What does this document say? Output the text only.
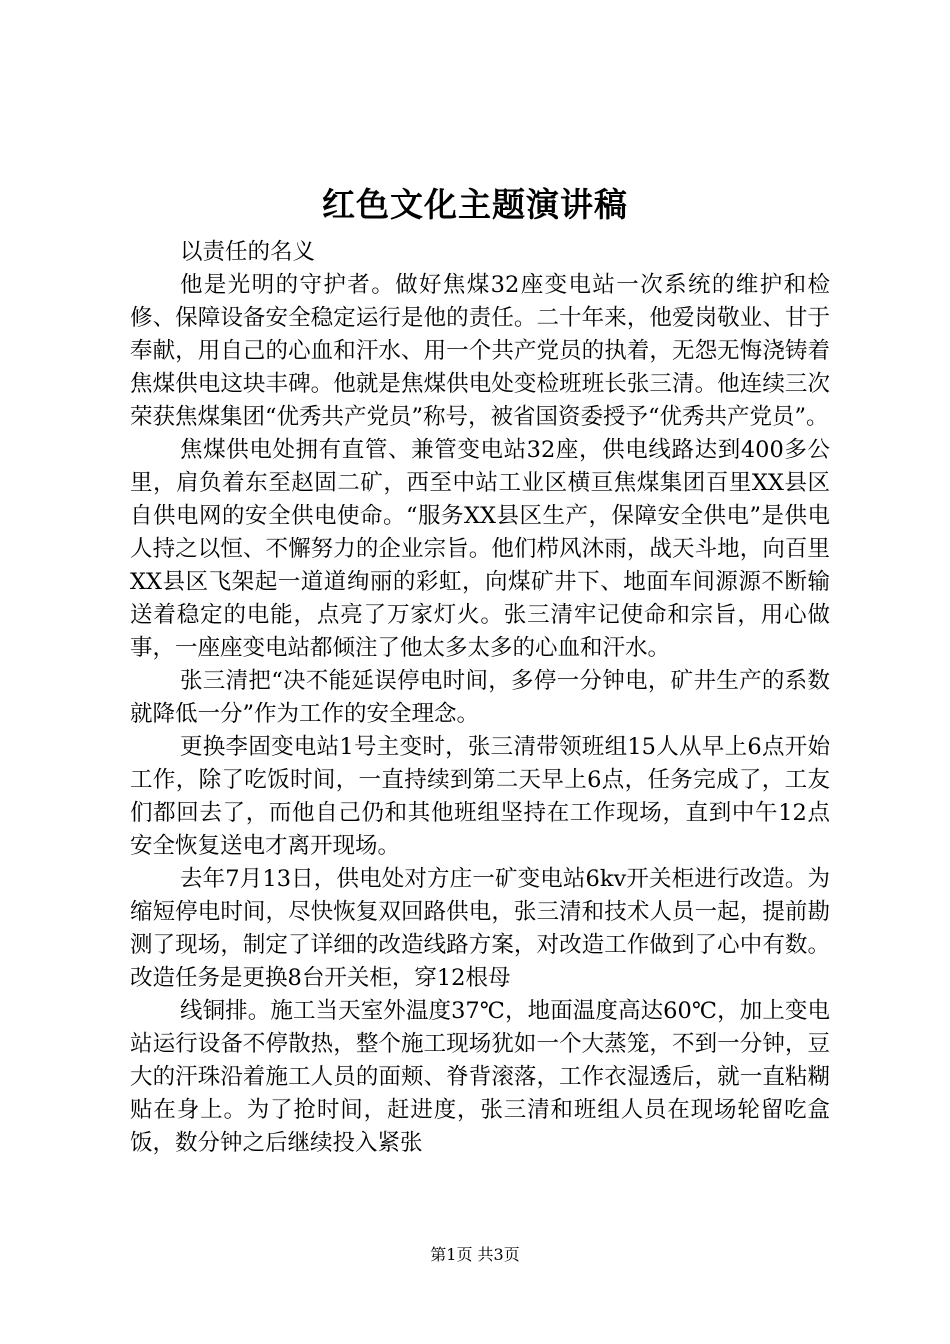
红色文化主题演讲稿

以责任的名义

他是光明的守护者。做好焦煤32座变电站一次系统的维护和检修、保障设备安全稳定运行是他的责任。二十年来，他爱岗敬业、甘于奉献，用自己的心血和汗水、用一个共产党员的执着，无怨无悔浇铸着焦煤供电这块丰碑。他就是焦煤供电处变检班班长张三清。他连续三次荣获焦煤集团“优秀共产党员”称号，被省国资委授予“优秀共产党员”。

焦煤供电处拥有直管、兼管变电站32座，供电线路达到400多公里，肩负着东至赵固二矿，西至中站工业区横亘焦煤集团百里XX县区自供电网的安全供电使命。“服务XX县区生产，保障安全供电”是供电人持之以恒、不懈努力的企业宗旨。他们栉风沐雨，战天斗地，向百里XX县区飞架起一道道绚丽的彩虹，向煤矿井下、地面车间源源不断输送着稳定的电能，点亮了万家灯火。张三清牢记使命和宗旨，用心做事，一座座变电站都倾注了他太多太多的心血和汗水。

张三清把“决不能延误停电时间，多停一分钟电，矿井生产的系数就降低一分”作为工作的安全理念。

更换李固变电站1号主变时，张三清带领班组15人从早上6点开始工作，除了吃饭时间，一直持续到第二天早上6点，任务完成了，工友们都回去了，而他自己仍和其他班组坚持在工作现场，直到中午12点安全恢复送电才离开现场。

去年7月13日，供电处对方庄一矿变电站6kv开关柜进行改造。为缩短停电时间，尽快恢复双回路供电，张三清和技术人员一起，提前勘测了现场，制定了详细的改造线路方案，对改造工作做到了心中有数。改造任务是更换8台开关柜，穿12根母

线铜排。施工当天室外温度37℃，地面温度高达60℃，加上变电站运行设备不停散热，整个施工现场犹如一个大蒸笼，不到一分钟，豆大的汗珠沿着施工人员的面颊、脊背滚落，工作衣湿透后，就一直粘糊贴在身上。为了抢时间，赶进度，张三清和班组人员在现场轮留吃盒饭，数分钟之后继续投入紧张

第1页 共3页
